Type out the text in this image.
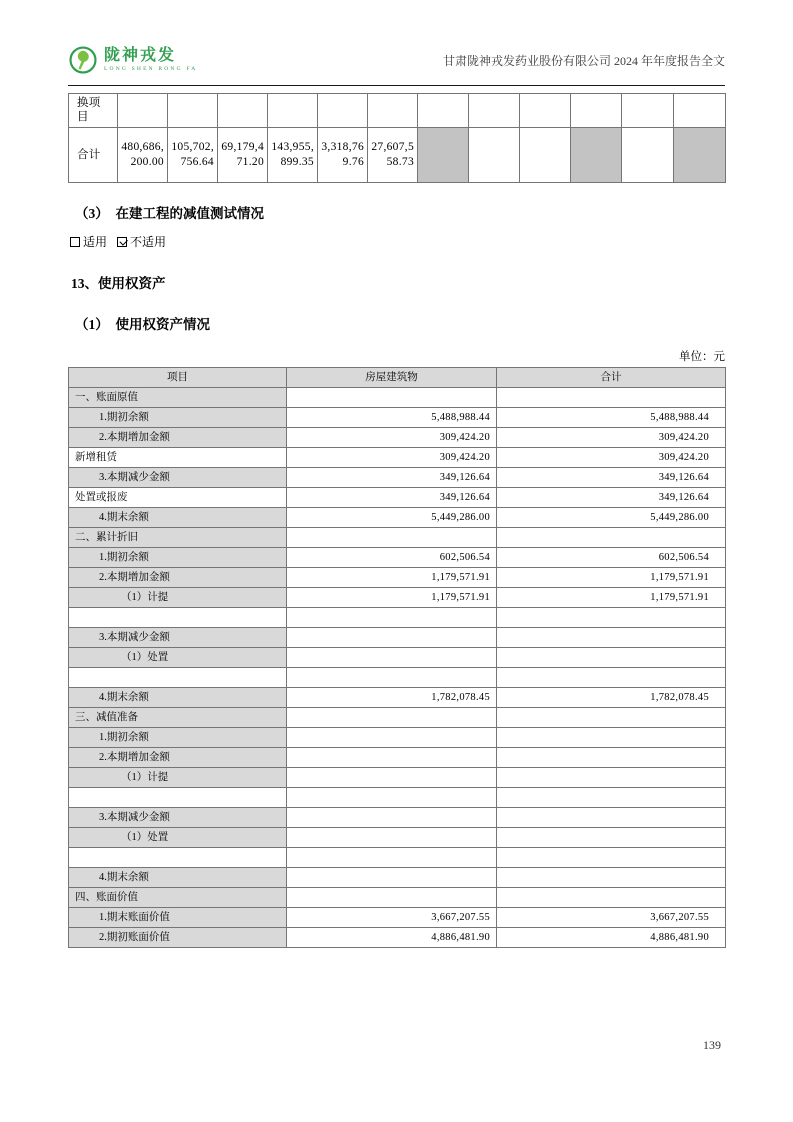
陇神戎发
LONG SHEN RONG FA
甘肃陇神戎发药业股份有限公司 2024 年年度报告全文
换项目												
合计	480,686,200.00	105,702,756.64	69,179,471.20	143,955,899.35	3,318,769.76	27,607,558.73						
（3）　在建工程的减值测试情况
适用 不适用
13、使用权资产
（1）　使用权资产情况
单位：元
项目	房屋建筑物	合计
一、账面原值		
1.期初余额	5,488,988.44	5,488,988.44
2.本期增加金额	309,424.20	309,424.20
新增租赁	309,424.20	309,424.20
3.本期减少金额	349,126.64	349,126.64
处置或报废	349,126.64	349,126.64
4.期末余额	5,449,286.00	5,449,286.00
二、累计折旧		
1.期初余额	602,506.54	602,506.54
2.本期增加金额	1,179,571.91	1,179,571.91
（1）计提	1,179,571.91	1,179,571.91

3.本期减少金额		
（1）处置		

4.期末余额	1,782,078.45	1,782,078.45
三、减值准备		
1.期初余额		
2.本期增加金额		
（1）计提		

3.本期减少金额		
（1）处置		

4.期末余额		
四、账面价值		
1.期末账面价值	3,667,207.55	3,667,207.55
2.期初账面价值	4,886,481.90	4,886,481.90
139
